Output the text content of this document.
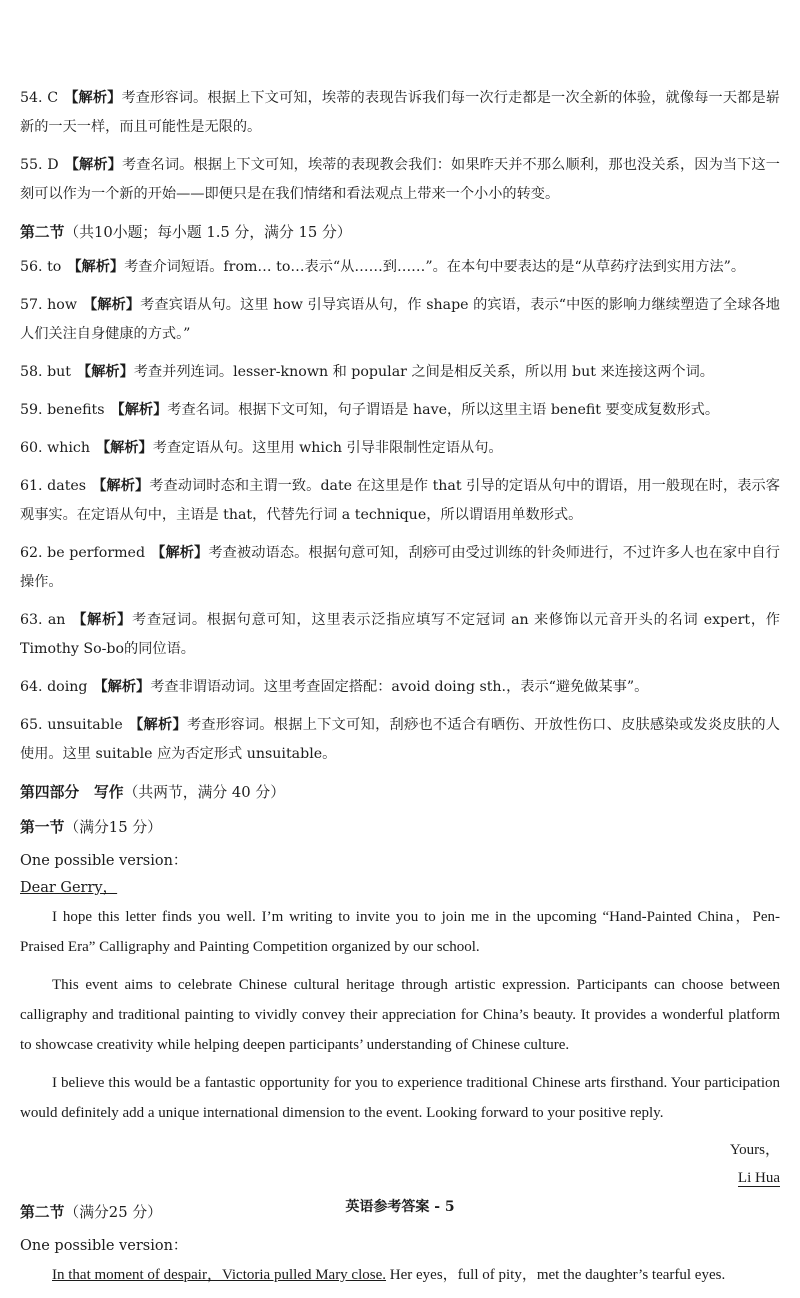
54. C 【解析】考查形容词。根据上下文可知，埃蒂的表现告诉我们每一次行走都是一次全新的体验，就像每一天都是崭新的一天一样，而且可能性是无限的。

55. D 【解析】考查名词。根据上下文可知，埃蒂的表现教会我们：如果昨天并不那么顺利，那也没关系，因为当下这一刻可以作为一个新的开始——即便只是在我们情绪和看法观点上带来一个小小的转变。

第二节（共10小题；每小题 1.5 分，满分 15 分）

56. to 【解析】考查介词短语。from… to…表示“从……到……”。在本句中要表达的是“从草药疗法到实用方法”。

57. how 【解析】考查宾语从句。这里 how 引导宾语从句，作 shape 的宾语，表示“中医的影响力继续塑造了全球各地人们关注自身健康的方式。”

58. but 【解析】考查并列连词。lesser-known 和 popular 之间是相反关系，所以用 but 来连接这两个词。

59. benefits 【解析】考查名词。根据下文可知，句子谓语是 have，所以这里主语 benefit 要变成复数形式。

60. which 【解析】考查定语从句。这里用 which 引导非限制性定语从句。

61. dates 【解析】考查动词时态和主谓一致。date 在这里是作 that 引导的定语从句中的谓语，用一般现在时，表示客观事实。在定语从句中，主语是 that，代替先行词 a technique，所以谓语用单数形式。

62. be performed 【解析】考查被动语态。根据句意可知，刮痧可由受过训练的针灸师进行，不过许多人也在家中自行操作。

63. an 【解析】考查冠词。根据句意可知，这里表示泛指应填写不定冠词 an 来修饰以元音开头的名词 expert，作 Timothy So-bo的同位语。

64. doing 【解析】考查非谓语动词。这里考查固定搭配：avoid doing sth.，表示“避免做某事”。

65. unsuitable 【解析】考查形容词。根据上下文可知，刮痧也不适合有晒伤、开放性伤口、皮肤感染或发炎皮肤的人使用。这里 suitable 应为否定形式 unsuitable。

第四部分　写作（共两节，满分 40 分）

第一节（满分15 分）

One possible version：

Dear Gerry，

I hope this letter finds you well. I’m writing to invite you to join me in the upcoming “Hand-Painted China，Pen-Praised Era” Calligraphy and Painting Competition organized by our school.

This event aims to celebrate Chinese cultural heritage through artistic expression. Participants can choose between calligraphy and traditional painting to vividly convey their appreciation for China’s beauty. It provides a wonderful platform to showcase creativity while helping deepen participants’ understanding of Chinese culture.

I believe this would be a fantastic opportunity for you to experience traditional Chinese arts firsthand. Your participation would definitely add a unique international dimension to the event. Looking forward to your positive reply.

Yours，

Li Hua

第二节（满分25 分）

One possible version：

In that moment of despair，Victoria pulled Mary close. Her eyes，full of pity，met the daughter’s tearful eyes.

英语参考答案 - 5
